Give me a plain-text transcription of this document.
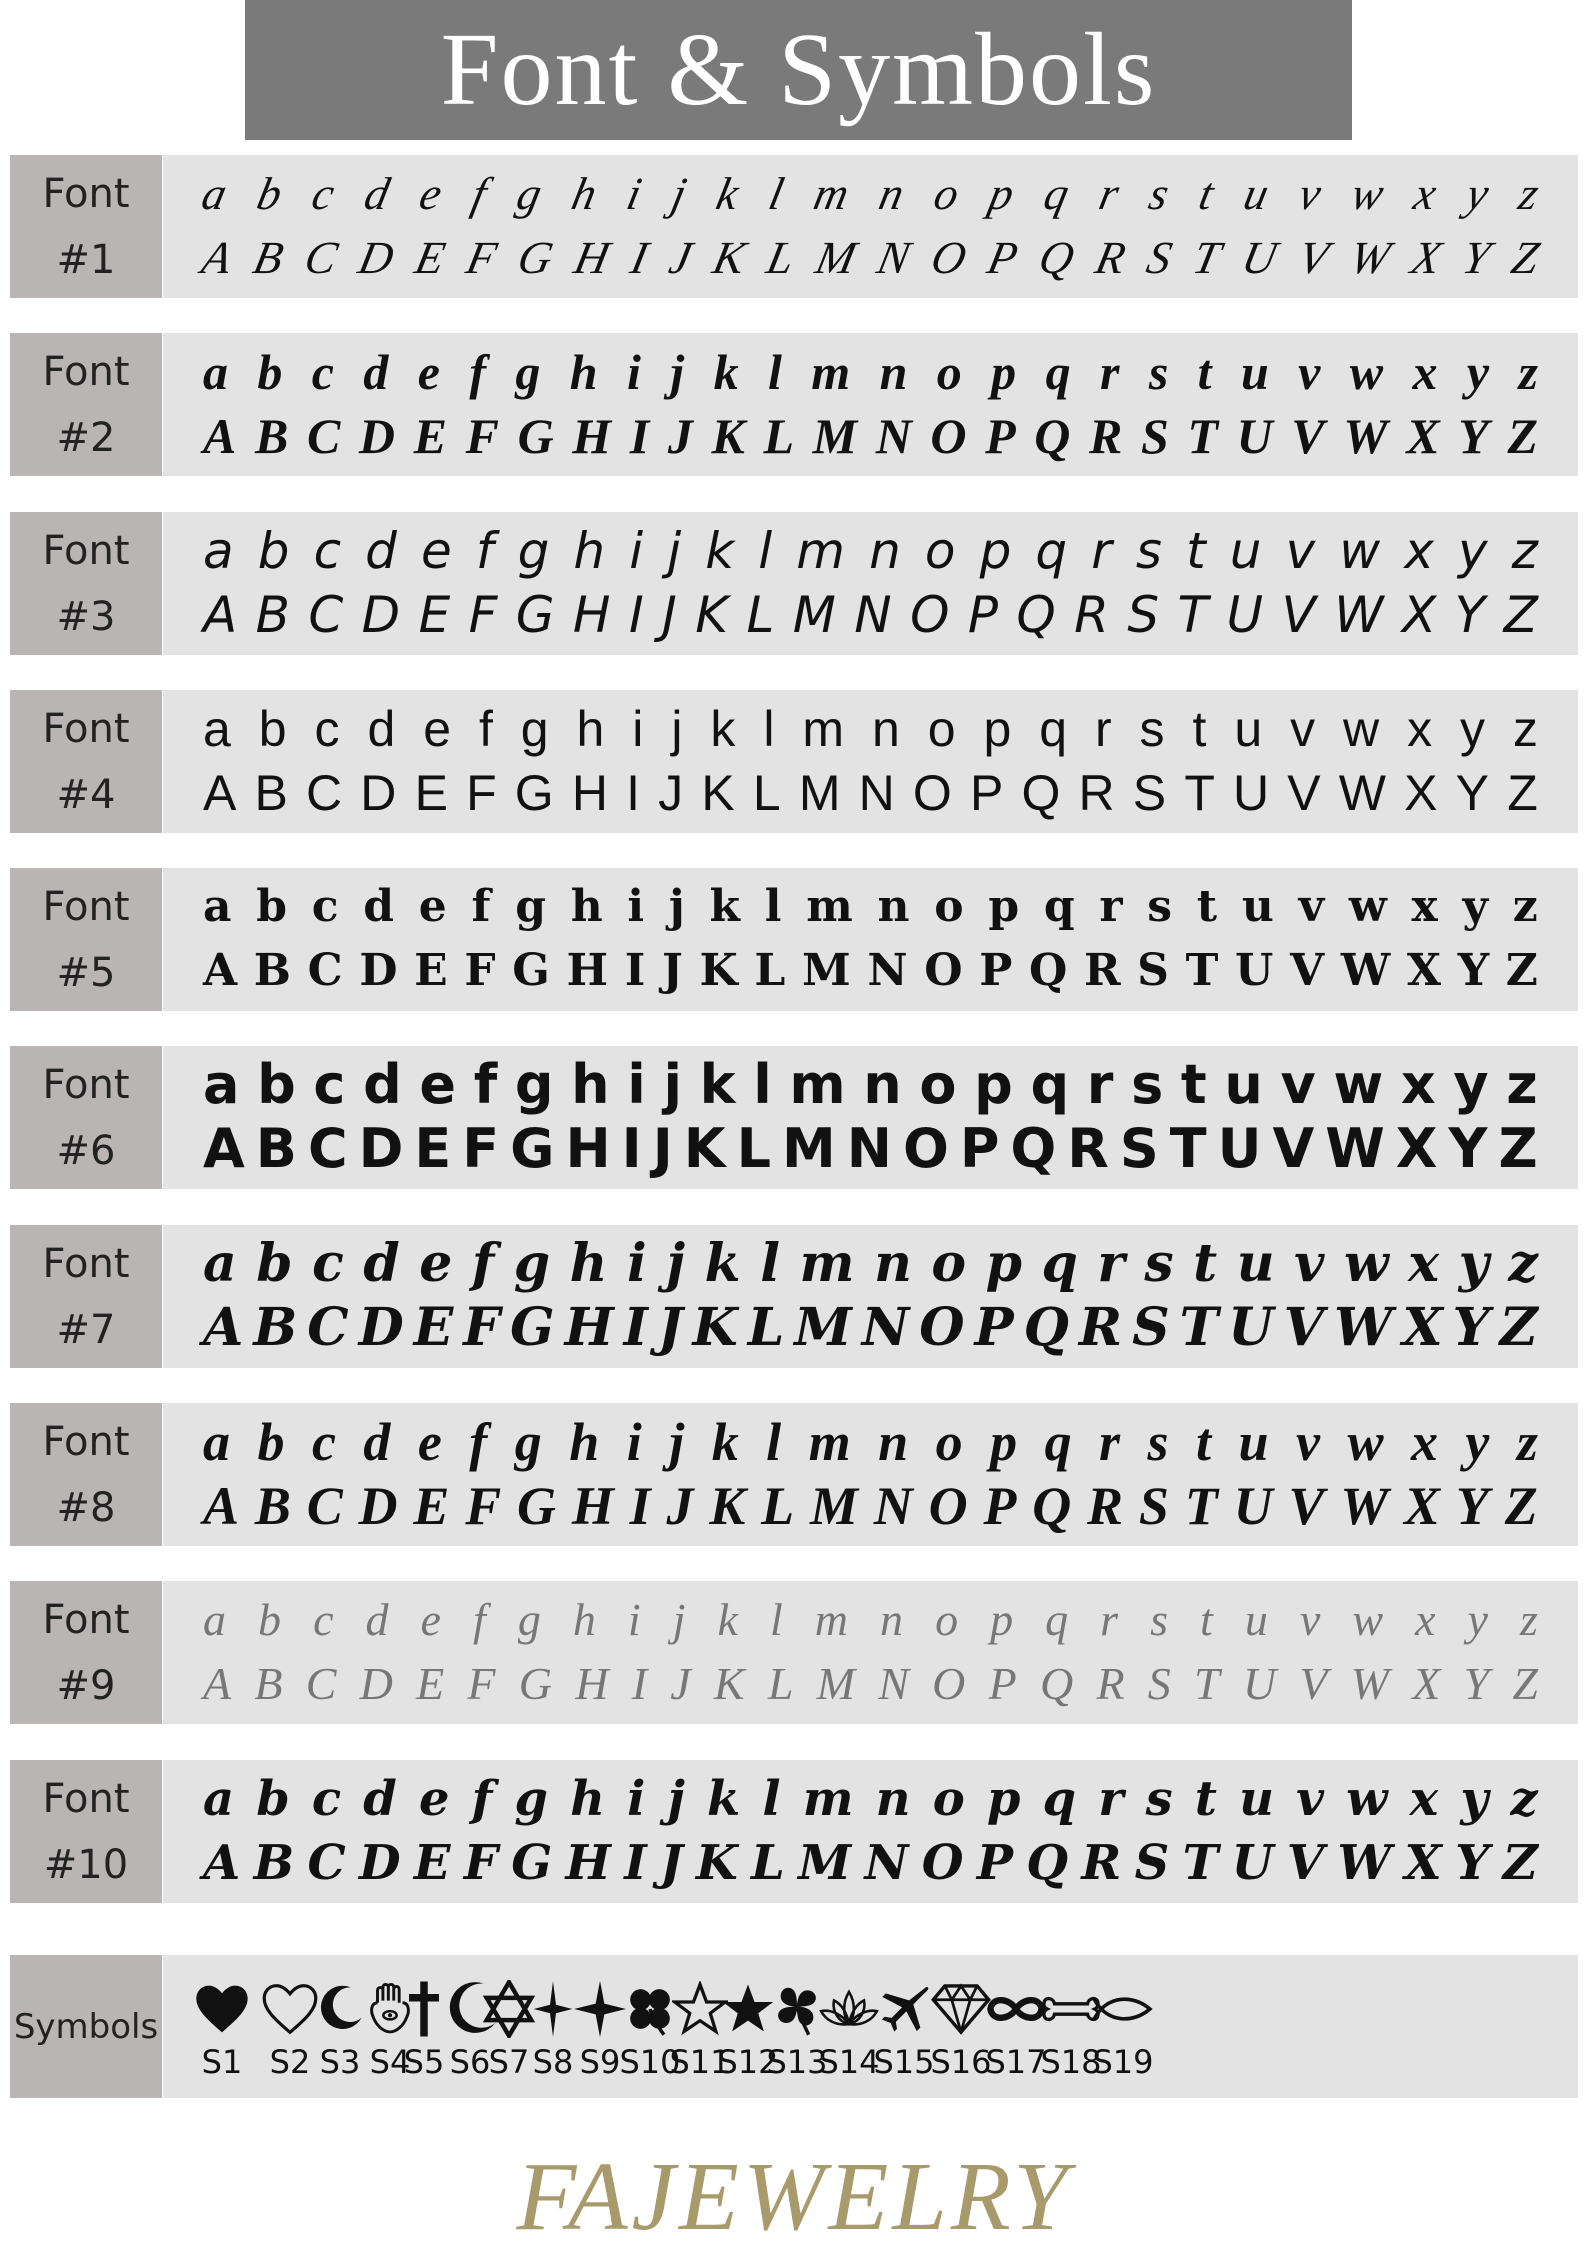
Font & Symbols
Font
#1
a b c d e f g h i j k l m n o p q r s t u v w x y z
A B C D E F G H I J K L M N O P Q R S T U V W X Y Z
Font
#2
a b c d e f g h i j k l m n o p q r s t u v w x y z
A B C D E F G H I J K L M N O P Q R S T U V W X Y Z
Font
#3
a b c d e f g h i j k l m n o p q r s t u v w x y z
A B C D E F G H I J K L M N O P Q R S T U V W X Y Z
Font
#4
a b c d e f g h i j k l m n o p q r s t u v w x y z
A B C D E F G H I J K L M N O P Q R S T U V W X Y Z
Font
#5
a b c d e f g h i j k l m n o p q r s t u v w x y z
A B C D E F G H I J K L M N O P Q R S T U V W X Y Z
Font
#6
a b c d e f g h i j k l m n o p q r s t u v w x y z
A B C D E F G H I J K L M N O P Q R S T U V W X Y Z
Font
#7
a b c d e f g h i j k l m n o p q r s t u v w x y z
A B C D E F G H I J K L M N O P Q R S T U V W X Y Z
Font
#8
a b c d e f g h i j k l m n o p q r s t u v w x y z
A B C D E F G H I J K L M N O P Q R S T U V W X Y Z
Font
#9
a b c d e f g h i j k l m n o p q r s t u v w x y z
A B C D E F G H I J K L M N O P Q R S T U V W X Y Z
Font
#10
a b c d e f g h i j k l m n o p q r s t u v w x y z
A B C D E F G H I J K L M N O P Q R S T U V W X Y Z
Symbols
S1 S2 S3 S4
S5 S6
S7 S8 S9 S10
S11
S12
S13
S14
S15
S16
S17
S18
S19
FAJEWELRY
